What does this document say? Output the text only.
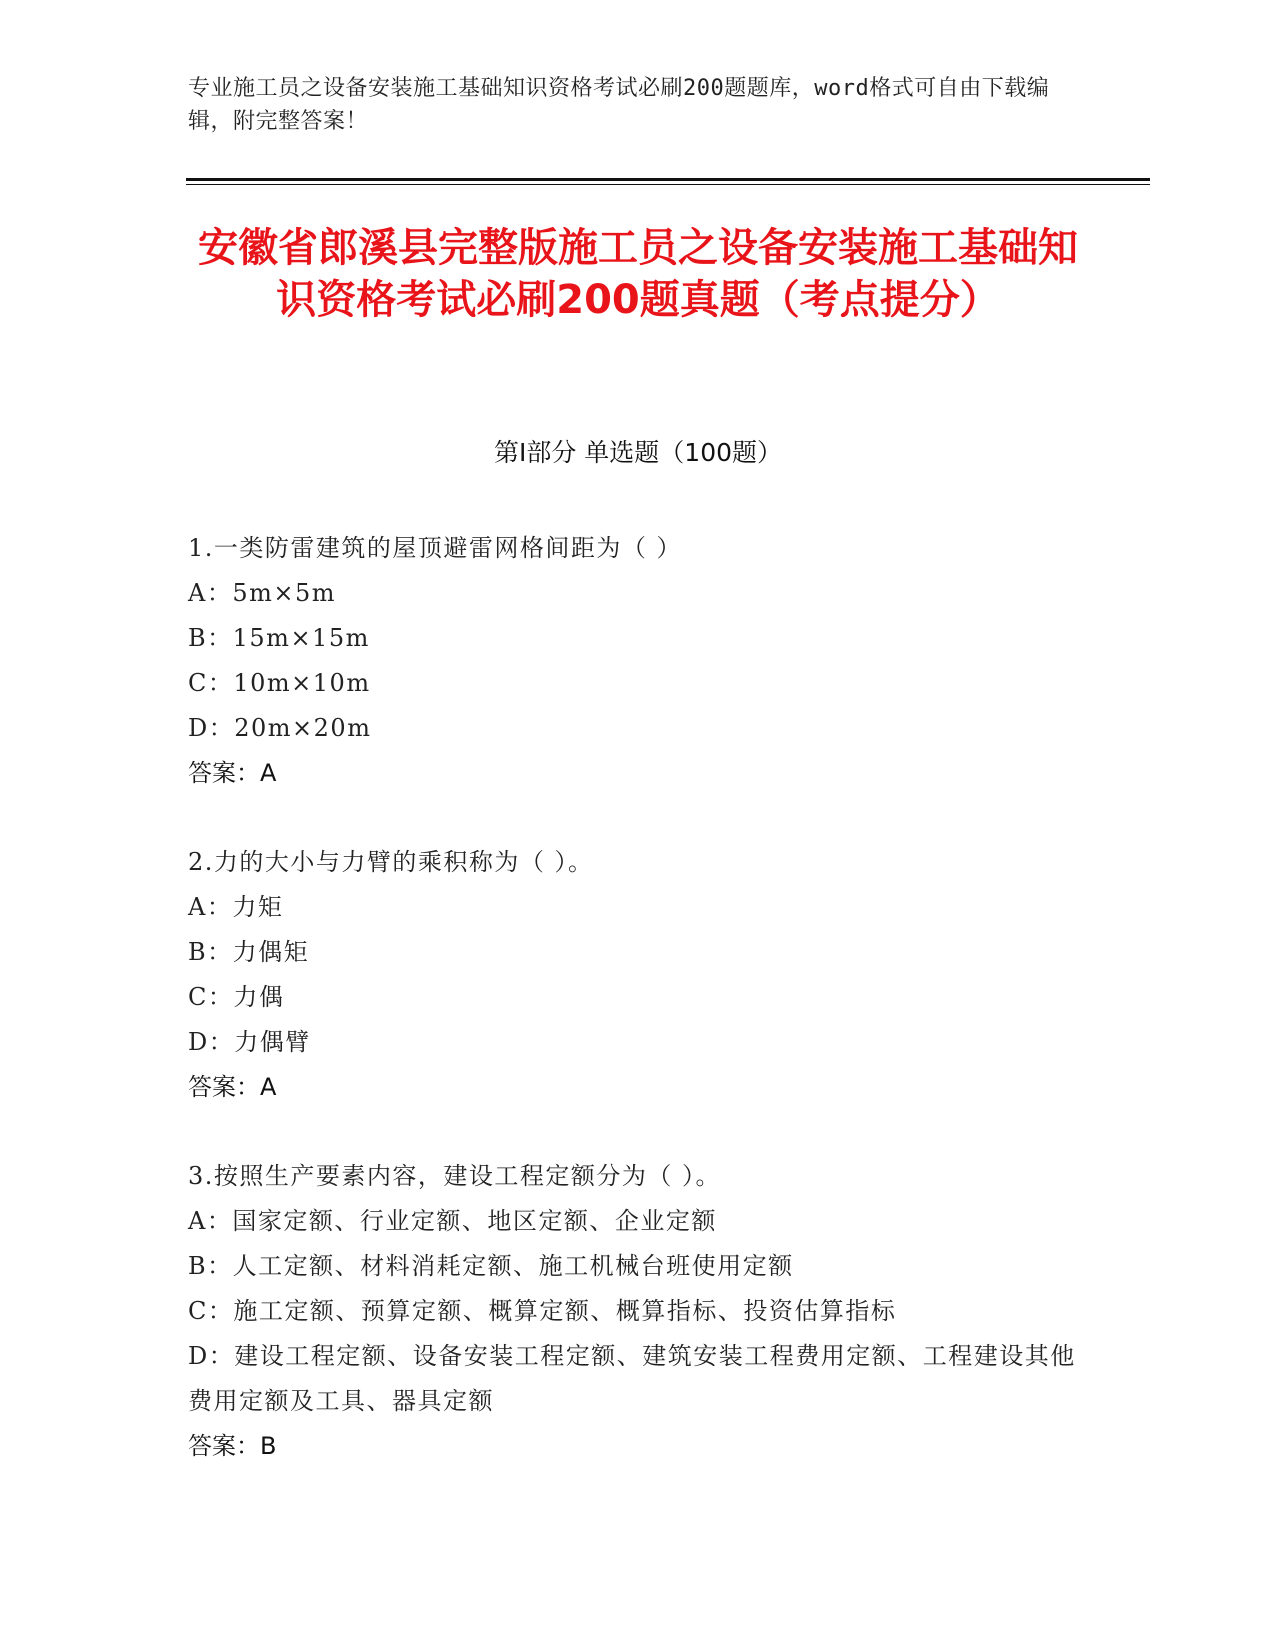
专业施工员之设备安装施工基础知识资格考试必刷200题题库，word格式可自由下载编辑，附完整答案！
安徽省郎溪县完整版施工员之设备安装施工基础知识资格考试必刷200题真题（考点提分）
第Ⅰ部分 单选题（100题）
1.一类防雷建筑的屋顶避雷网格间距为（ ）
A：5m×5m
B：15m×15m
C：10m×10m
D：20m×20m
答案：A
2.力的大小与力臂的乘积称为（ ）。
A：力矩
B：力偶矩
C：力偶
D：力偶臂
答案：A
3.按照生产要素内容，建设工程定额分为（ ）。
A：国家定额、行业定额、地区定额、企业定额
B：人工定额、材料消耗定额、施工机械台班使用定额
C：施工定额、预算定额、概算定额、概算指标、投资估算指标
D：建设工程定额、设备安装工程定额、建筑安装工程费用定额、工程建设其他费用定额及工具、器具定额
答案：B
